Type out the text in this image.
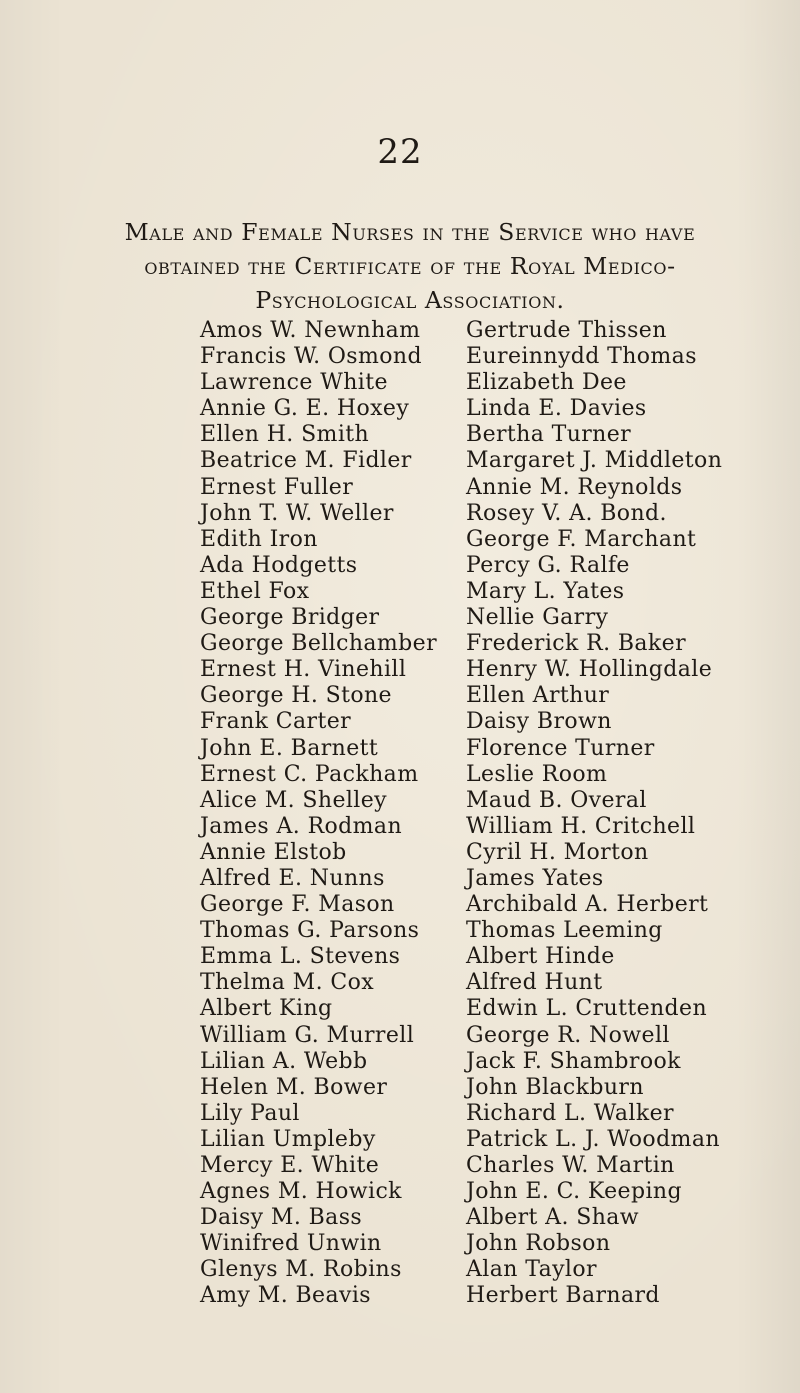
22
Male and Female Nurses in the Service who have
obtained the Certificate of the Royal Medico-
Psychological Association.
Amos W. Newnham
Francis W. Osmond
Lawrence White
Annie G. E. Hoxey
Ellen H. Smith
Beatrice M. Fidler
Ernest Fuller
John T. W. Weller
Edith Iron
Ada Hodgetts
Ethel Fox
George Bridger
George Bellchamber
Ernest H. Vinehill
George H. Stone
Frank Carter
John E. Barnett
Ernest C. Packham
Alice M. Shelley
James A. Rodman
Annie Elstob
Alfred E. Nunns
George F. Mason
Thomas G. Parsons
Emma L. Stevens
Thelma M. Cox
Albert King
William G. Murrell
Lilian A. Webb
Helen M. Bower
Lily Paul
Lilian Umpleby
Mercy E. White
Agnes M. Howick
Daisy M. Bass
Winifred Unwin
Glenys M. Robins
Amy M. Beavis
Gertrude Thissen
Eureinnydd Thomas
Elizabeth Dee
Linda E. Davies
Bertha Turner
Margaret J. Middleton
Annie M. Reynolds
Rosey V. A. Bond.
George F. Marchant
Percy G. Ralfe
Mary L. Yates
Nellie Garry
Frederick R. Baker
Henry W. Hollingdale
Ellen Arthur
Daisy Brown
Florence Turner
Leslie Room
Maud B. Overal
William H. Critchell
Cyril H. Morton
James Yates
Archibald A. Herbert
Thomas Leeming
Albert Hinde
Alfred Hunt
Edwin L. Cruttenden
George R. Nowell
Jack F. Shambrook
John Blackburn
Richard L. Walker
Patrick L. J. Woodman
Charles W. Martin
John E. C. Keeping
Albert A. Shaw
John Robson
Alan Taylor
Herbert Barnard
